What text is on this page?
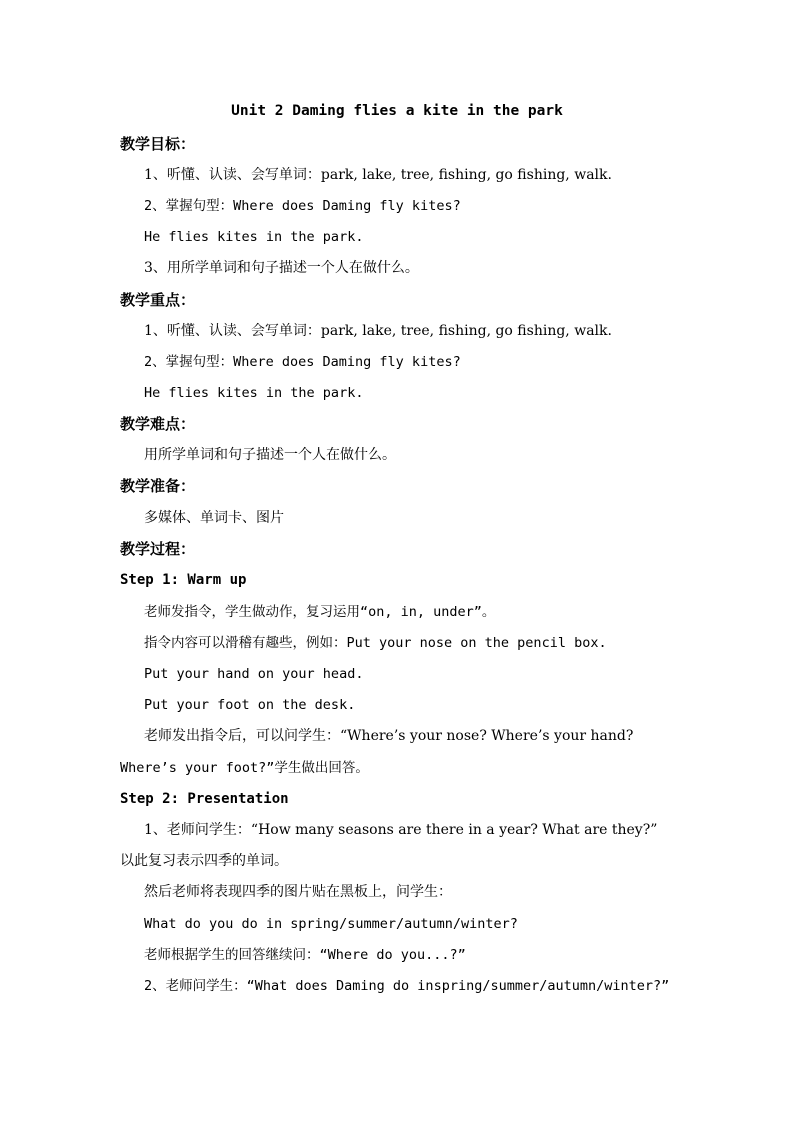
Unit 2 Daming flies a kite in the park
教学目标：
1、听懂、认读、会写单词：park, lake, tree, fishing, go fishing, walk.
2、掌握句型：Where does Daming fly kites?
He flies kites in the park.
3、用所学单词和句子描述一个人在做什么。
教学重点：
1、听懂、认读、会写单词：park, lake, tree, fishing, go fishing, walk.
2、掌握句型：Where does Daming fly kites?
He flies kites in the park.
教学难点：
用所学单词和句子描述一个人在做什么。
教学准备：
多媒体、单词卡、图片
教学过程：
Step 1: Warm up
老师发指令，学生做动作，复习运用“on, in, under”。
指令内容可以滑稽有趣些，例如：Put your nose on the pencil box.
Put your hand on your head.
Put your foot on the desk.
老师发出指令后，可以问学生：“Where’s your nose? Where’s your hand?
Where’s your foot?”学生做出回答。
Step 2: Presentation
1、老师问学生：“How many seasons are there in a year? What are they?”
以此复习表示四季的单词。
然后老师将表现四季的图片贴在黑板上，问学生：
What do you do in spring/summer/autumn/winter?
老师根据学生的回答继续问：“Where do you...?”
2、老师问学生：“What does Daming do inspring/summer/autumn/winter?”
